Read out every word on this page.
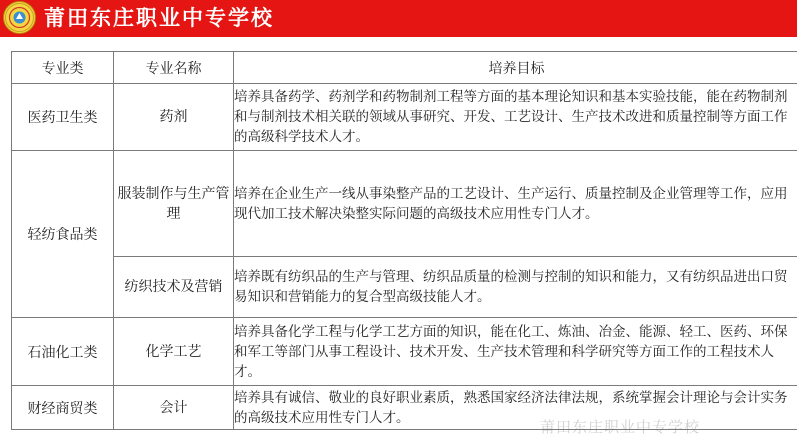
莆田东庄职业中专学校
专业类	专业名称	培养目标
医药卫生类	药剂	培养具备药学、药剂学和药物制剂工程等方面的基本理论知识和基本实验技能，能在药物制剂和与制剂技术相关联的领域从事研究、开发、工艺设计、生产技术改进和质量控制等方面工作的高级科学技术人才。
轻纺食品类	服装制作与生产管理	培养在企业生产一线从事染整产品的工艺设计、生产运行、质量控制及企业管理等工作，应用现代加工技术解决染整实际问题的高级技术应用性专门人才。
	纺织技术及营销	培养既有纺织品的生产与管理、纺织品质量的检测与控制的知识和能力，又有纺织品进出口贸易知识和营销能力的复合型高级技能人才。
石油化工类	化学工艺	培养具备化学工程与化学工艺方面的知识，能在化工、炼油、冶金、能源、轻工、医药、环保和军工等部门从事工程设计、技术开发、生产技术管理和科学研究等方面工作的工程技术人才。
财经商贸类	会计	培养具有诚信、敬业的良好职业素质，熟悉国家经济法律法规，系统掌握会计理论与会计实务的高级技术应用性专门人才。
莆田东庄职业中专学校
